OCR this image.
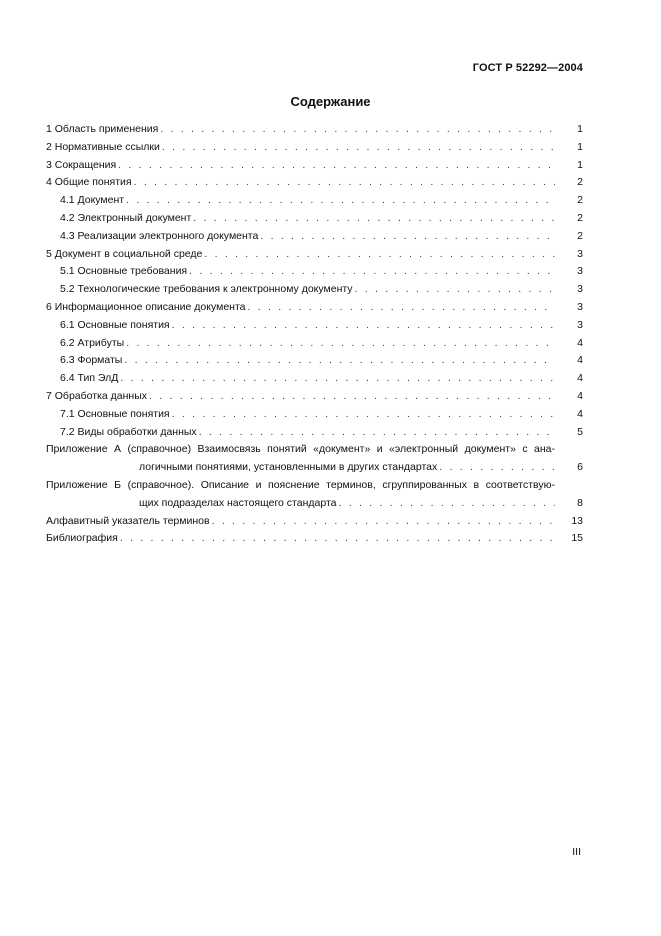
ГОСТ Р 52292—2004
Содержание
1 Область применения . . .	1
2 Нормативные ссылки . . .	1
3 Сокращения . . .	1
4 Общие понятия . . .	2
4.1 Документ . . .	2
4.2 Электронный документ . . .	2
4.3 Реализации электронного документа . . .	2
5 Документ в социальной среде . . .	3
5.1 Основные требования . . .	3
5.2 Технологические требования к электронному документу . . .	3
6 Информационное описание документа . . .	3
6.1 Основные понятия . . .	3
6.2 Атрибуты . . .	4
6.3 Форматы . . .	4
6.4 Тип ЭлД . . .	4
7 Обработка данных . . .	4
7.1 Основные понятия . . .	4
7.2 Виды обработки данных . . .	5
Приложение А (справочное) Взаимосвязь понятий «документ» и «электронный документ» с ана-
логичными понятиями, установленными в других стандартах . . .	6
Приложение Б (справочное). Описание и пояснение терминов, сгруппированных в соответствую-
щих подразделах настоящего стандарта . . .	8
Алфавитный указатель терминов . . .	13
Библиография . . .	15
III
